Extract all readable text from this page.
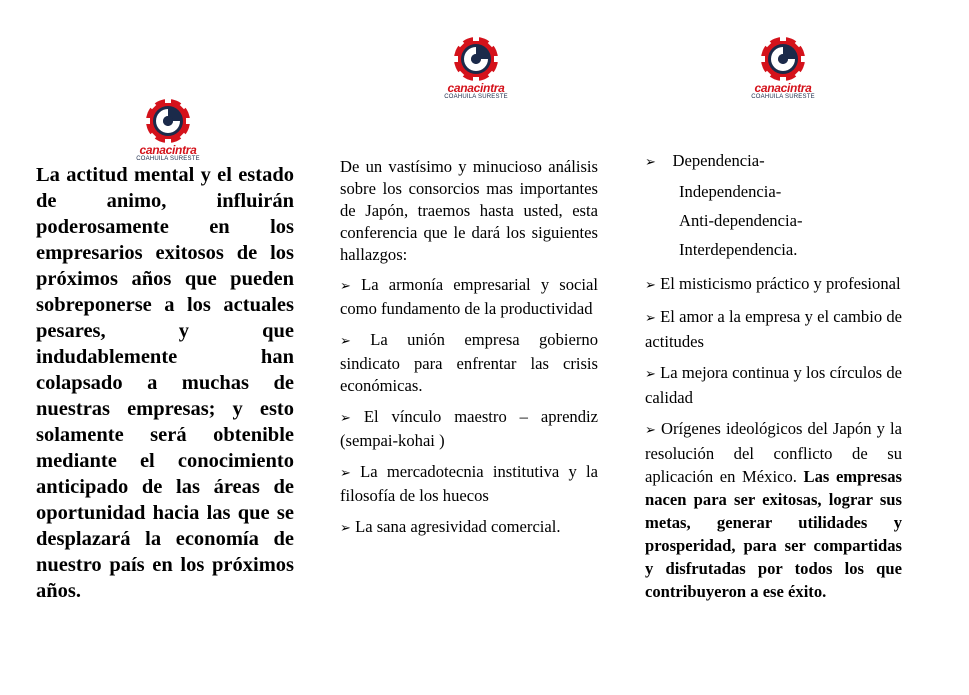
canacintra
COAHUILA SURESTE
canacintra
COAHUILA SURESTE
canacintra
COAHUILA SURESTE
La actitud mental y el estado de animo, influirán poderosamente en los empresarios exitosos de los próximos años que pueden sobreponerse a los actuales pesares, y que indudablemente han colapsado a muchas de nuestras empresas; y esto solamente será obtenible mediante el conocimiento anticipado de las áreas de oportunidad hacia las que se desplazará la economía de nuestro país en los próximos años.

De un vastísimo y minucioso análisis sobre los consorcios mas importantes de Japón, traemos hasta usted, esta conferencia que le dará los siguientes hallazgos:

➢ La armonía empresarial y social como fundamento de la productividad

➢ La unión empresa gobierno sindicato para enfrentar las crisis económicas.

➢ El vínculo maestro – aprendiz (sempai-kohai )

➢ La mercadotecnia institutiva y la filosofía de los huecos

➢ La sana agresividad comercial.

➢ Dependencia-

Independencia-

Anti-dependencia-

Interdependencia.

➢ El misticismo práctico y profesional

➢ El amor a la empresa y el cambio de actitudes

➢ La mejora continua y los círculos de calidad

➢ Orígenes ideológicos del Japón y la resolución del conflicto de su aplicación en México. Las empresas nacen para ser exitosas, lograr sus metas, generar utilidades y prosperidad, para ser compartidas y disfrutadas por todos los que contribuyeron a ese éxito.
